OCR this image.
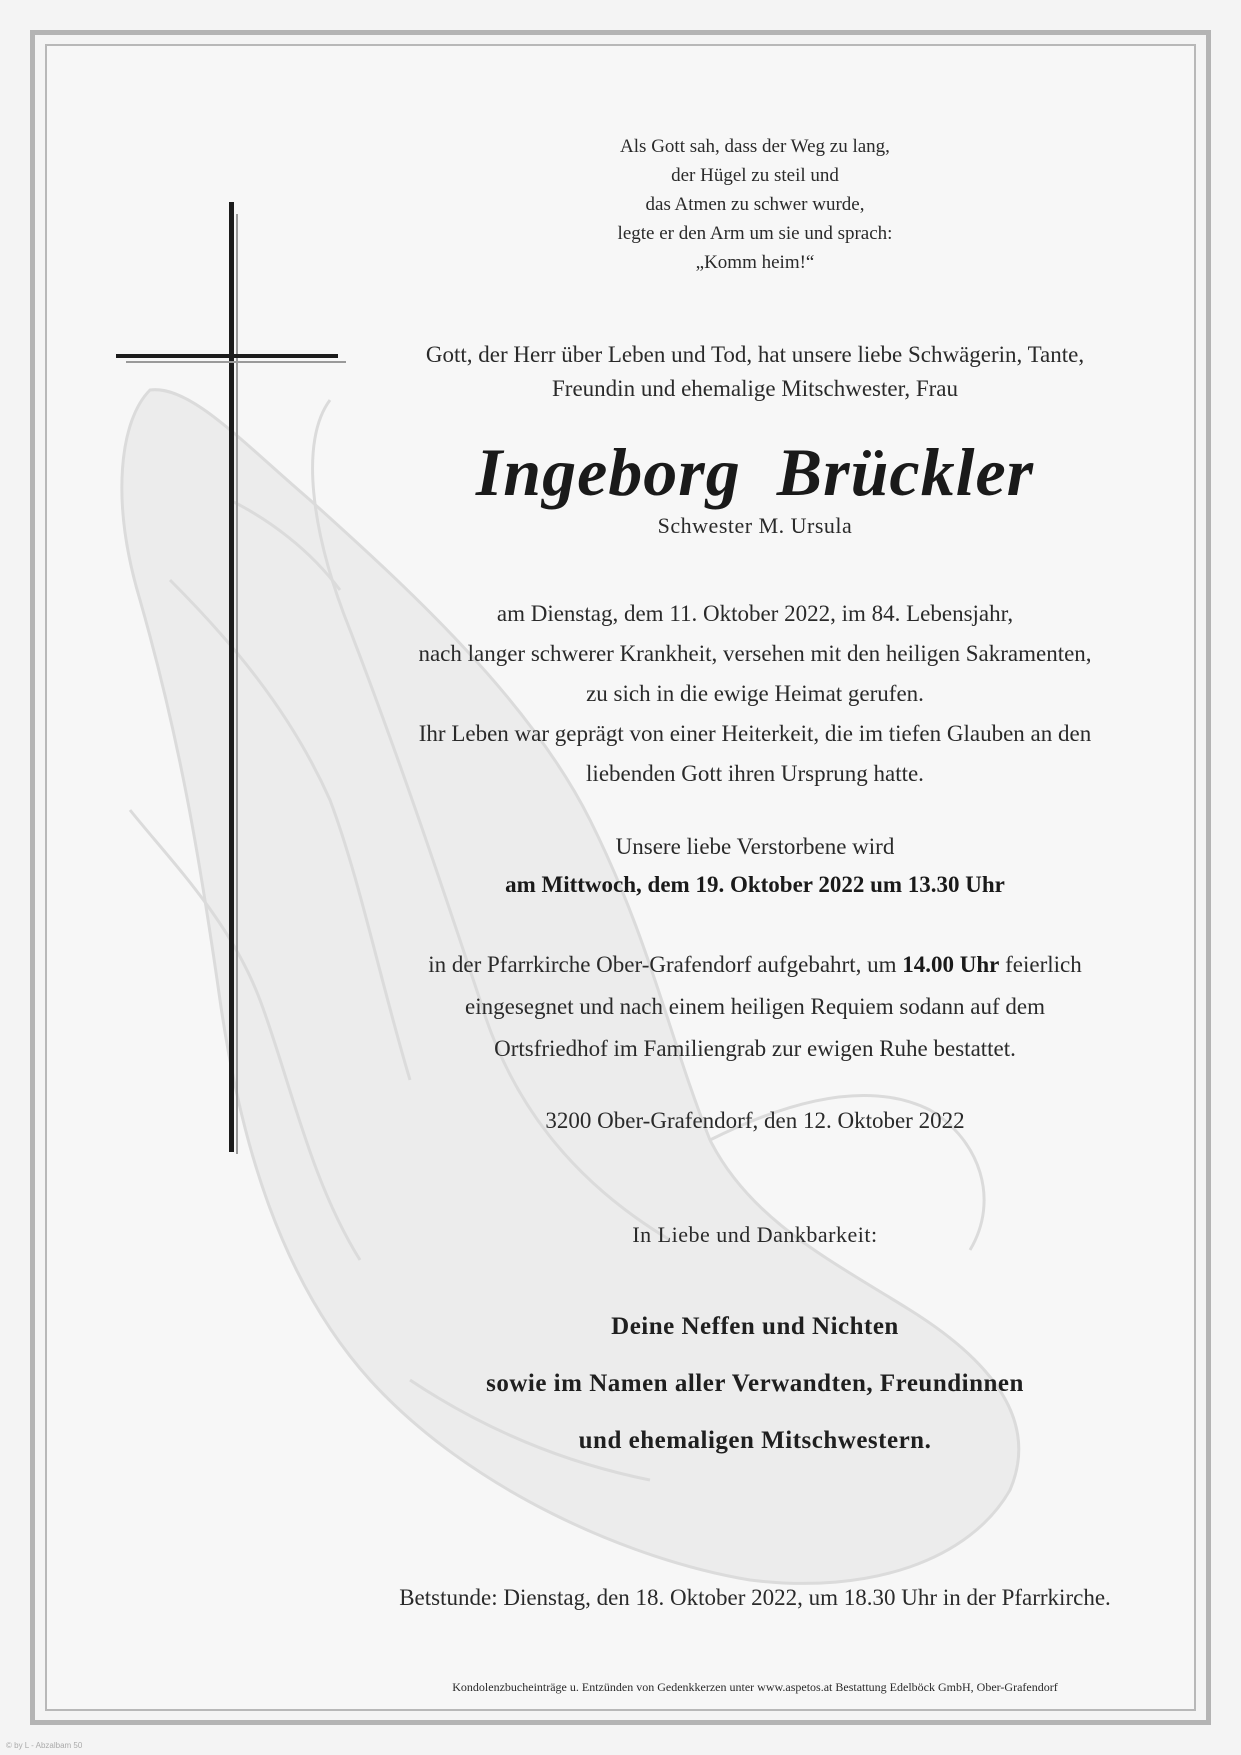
Als Gott sah, dass der Weg zu lang,
der Hügel zu steil und
das Atmen zu schwer wurde,
legte er den Arm um sie und sprach:
„Komm heim!“
Gott, der Herr über Leben und Tod, hat unsere liebe Schwägerin, Tante,
Freundin und ehemalige Mitschwester, Frau
Ingeborg Brückler
Schwester M. Ursula
am Dienstag, dem 11. Oktober 2022, im 84. Lebensjahr,
nach langer schwerer Krankheit, versehen mit den heiligen Sakramenten,
zu sich in die ewige Heimat gerufen.
Ihr Leben war geprägt von einer Heiterkeit, die im tiefen Glauben an den
liebenden Gott ihren Ursprung hatte.
Unsere liebe Verstorbene wird
am Mittwoch, dem 19. Oktober 2022 um 13.30 Uhr
in der Pfarrkirche Ober-Grafendorf aufgebahrt, um 14.00 Uhr feierlich
eingesegnet und nach einem heiligen Requiem sodann auf dem
Ortsfriedhof im Familiengrab zur ewigen Ruhe bestattet.
3200 Ober-Grafendorf, den 12. Oktober 2022
In Liebe und Dankbarkeit:
Deine Neffen und Nichten
sowie im Namen aller Verwandten, Freundinnen
und ehemaligen Mitschwestern.
Betstunde: Dienstag, den 18. Oktober 2022, um 18.30 Uhr in der Pfarrkirche.
Kondolenzbucheinträge u. Entzünden von Gedenkkerzen unter www.aspetos.at Bestattung Edelböck GmbH, Ober-Grafendorf
© by L - Abzalbam 50
